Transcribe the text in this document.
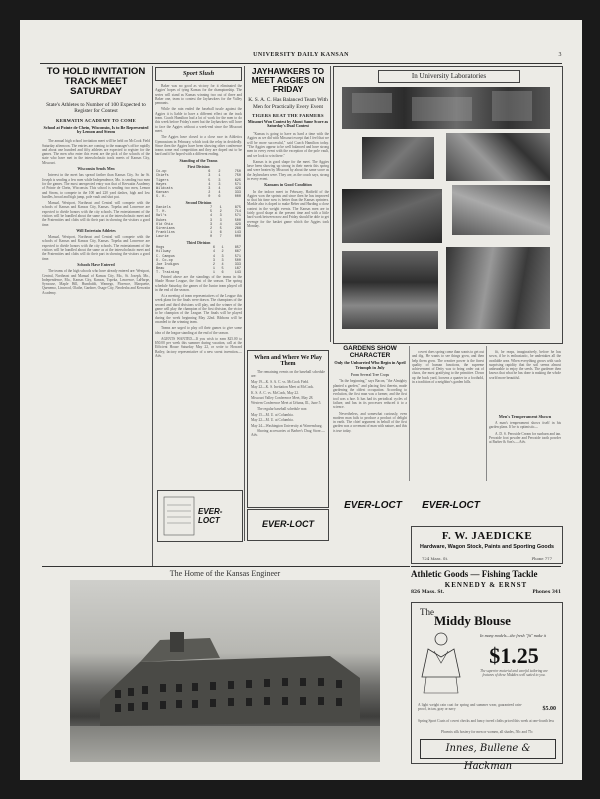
UNIVERSITY DAILY KANSAN	3
TO HOLD INVITATION TRACK MEET SATURDAY
State's Athletes to Number of 100 Expected to Register for Contest
KERWATIN ACADEMY TO COME
School at Pointe de Chein, Wisconsin, Is to Be Represented by Lemon and Strom

The annual high school invitation meet will be held on McCook Field Saturday afternoon. The entries are coming to the manager's office rapidly and about one hundred and fifty athletes are expected to register for the games. The men who enter this event are the pick of the schools of the state who have met in the interscholastic track meets of Kansas City, Missouri.

Wisconsin Sends Men

Interest in the meet has spread farther than Kansas City. So far St. Joseph is sending a few men while Independence, Mo. is sending two men for the games. The most unexpected entry was that of Kerwatin Academy of Pointe de Chein, Wisconsin. This school is sending two men, Lemon and Strom, to compete in the 100 and 220 yard dashes, high and low hurdles, broad and high jump, pole vault and shot put.

Manual, Westport, Northeast and Central will compete with the schools of Kansas and Kansas City, Kansas. Topeka and Lawrence are expected to divide honors with the city schools. The entertainment of the visitors will be handled about the same as at the interscholastic meet and the Fraternities and clubs will do their part in showing the visitors a good time.

Will Entertain Athletes

Manual, Westport, Northeast and Central will compete with the schools of Kansas and Kansas City, Kansas. Topeka and Lawrence are expected to divide honors with the city schools. The entertainment of the visitors will be handled about the same as at the interscholastic meet and the Fraternities and clubs will do their part in showing the visitors a good time.

Schools Have Entered

The teams of the high schools who have already entered are: Westport, Central, Northeast and Manual of Kansas City, Mo., St. Joseph, Mo., Independence, Mo., Kansas City, Kansas, Topeka, Lawrence, LaHarpe, Syracuse, Maple Hill, Humboldt, Wamego, Florence, Marquette, Quenemo, Linwood, Olathe, Gardner, Osage City, Neodesha and Kerwatin Academy.

Sport Slush

Baker was no good as victory for it eliminated the Aggies' hopes of tying Kansas for the championship. The series will stand as Kansas winning two out of three and Baker one, team to contest the Jayhawkers for the Valley pennants.

While the rain ended the baseball tussle against the Aggies it is liable to have a different effect on the track team. Coach Hamilton had a lot of work for the men to do this week before Friday's meet but the Jayhawkers will have to face the Aggies without a week-end since the Missouri meet.

The Aggies have closed to a close race in Athletics Gymnasium in February, which took the relay in decidedly. Since then the Aggies have been showing other conference teams some real competition and they are doped out to be hard and if he hoped with a different ending.

Standing of the Teams
First Division
Co-op	6	2	750
Chiefs	3	1	750
Tigers	5	3	625
Hayes	4	3	571
Wildcats	3	4	429
Kansan	2	4	333
S. K.	0	6	000
Second Division
Daniels	7	1	875
T. H.	5	2	714
Owl's	4	3	571
Dukes	3	3	500
Old Ohio	3	4	429
Sirenians	2	5	286
Franklins	1	6	143
Laurie	0	7	000
Third Division
Hogs	6	1	857
Hillway	4	2	667
C. Campus	4	3	571
O. Co-op	3	3	500
Joe Indigos	2	4	333
Beau	1	5	167
T. Training	1	6	143

Printed above are the standings of the teams in the Shade House League, the first of the season. The spring schedule Saturday, the games of the Junior team played off in the end of the season.

At a meeting of team representatives of the League this week plans for the finals were drawn. The champions of the second and third divisions will play, and the winner of the game will play the champion of the first division, the victor to be champion of the League. The finals will be played during the week beginning May 22nd. Ribbons will be awarded to the winning team.

Teams are urged to play off their games to give some idea of the league standing at the end of the season.

AGENTS WANTED—If you wish to earn $25.00 to $50.00 per week this summer during vacation, call at the Efficient House Saturday May 22, or write to Howard Bailey, factory representative of a new sweat invention.—Adv.

JAYHAWKERS TO MEET AGGIES ON FRIDAY
K. S. A. C. Has Balanced Team With Men for Practically Every Event
TIGERS BEAT THE FARMERS
Missouri Won Contest by About Same Score as Saturday's Dual Contest

"Kansas is going to have as hard a time with the Aggies as we did with Missouri except that I feel that we will be more successful," said Coach Hamilton today. "The Aggies appear to be well balanced and have strong men in every event with the exception of the pole vault, and we look to win there."

Kansas is in good shape for the meet. The Aggies have been showing up strong in their meets this spring and were beaten by Missouri by about the same score as the Jayhawkers were. They are, as the coach says, strong in every event.

Kansans in Good Condition

In the indoor meet in February, Hatfield of the Aggies won the sprints and since then he has improved so that his time now is better than the Kansas sprinters. Markle also is doped to make Reber and Harding a close contest in the weight events. The Kansas men are in fairly good shape at the present time and with a little hard work between now and Friday should be able to get revenge for the basket game which the Aggies took Monday.

When and Where We Play Them

The remaining events on the baseball schedule are:

May 19—K. S. A. C. vs. McCook Field.

May 22—K. S. Invitation Meet at McCook.

K. S. A. C. vs. McCook, May 22.

Missouri Valley Conference Meet, May 28.

Western Conference Meet at Urbana, Ill., June 5.

The regular baseball schedule was:

May 15—M. U. at Columbia.

May 22—M. U. at Columbia.

May 24—Washington University at Warrensburg.

Shoring accessories at Barber's Drug Store.—Adv.

EVER-LOCT
In University Laboratories
GARDENS SHOW CHARACTER
Only the Unhurried Who Begin in April Triumph in July
From Several Tree Crops

"In the beginning," says Bacon, "the Almighty planted a garden," and placing first therein, made gardening the oldest occupation. According to evolution, the first man was a farmer, and the first tool was a hoe. It has had its periodical cycles of failure, and has in its processes reduced it to a science.

Nevertheless, and somewhat curiously, even modern man fails to produce a product of delight in earth. The chief argument in behalf of the first garden was a covenant of man with nature, and this is true today.

covert does spring come than wants to get out and dig. He wants to see things grow, and then help them grow. The creative power is the finest quality of human functions, the supreme achievement of Deity was to bring order out of chaos, the most gratifying to the primitive. Down up the back yard, loosens a quarter in a foothold, in a tradition of a neighbor's garden hills.

fit, he reaps, imaginatively, before he has sown, if he is enthusiastic, he undertakes all the available area. When everything grows with such surprising rapidity that the soil seems almost unbearable to enjoy the seeds. The gardener then knows that what he has done is making the whole world more beautiful.

Men's Temperament Shown

A man's temperament shows itself in his garden plans. If he is optimistic—

A. D. S. Peroxide Cream for sunburn and tan. Peroxide foot powder and Peroxide tooth powder at Barber & Son's.—Adv.

EVER-LOCT	EVER-LOCT
F. W. JAEDICKE
Hardware, Wagon Stock, Paints and Sporting Goods
724 Mass. St.	Phone 777
EVER-LOCT
The Home of the Kansas Engineer	Athletic Goods — Fishing Tackle
KENNEDY & ERNST
826 Mass. St.	Phones 341
The
Middy Blouse
In many models—the fresh "fit" make it
$1.25
The superior material and careful tailoring are features of these Middies well suited to you.
A light weight rain coat for spring and summer wear, guaranteed rain-proof, in tan, gray or navy	$5.00
Spring Sport Coats of covert checks and fancy tweed cloths priced this week at one-fourth less
Phoenix silk hosiery for men or women, all shades, 50c and 75c
Innes, Bullene & Hackman
